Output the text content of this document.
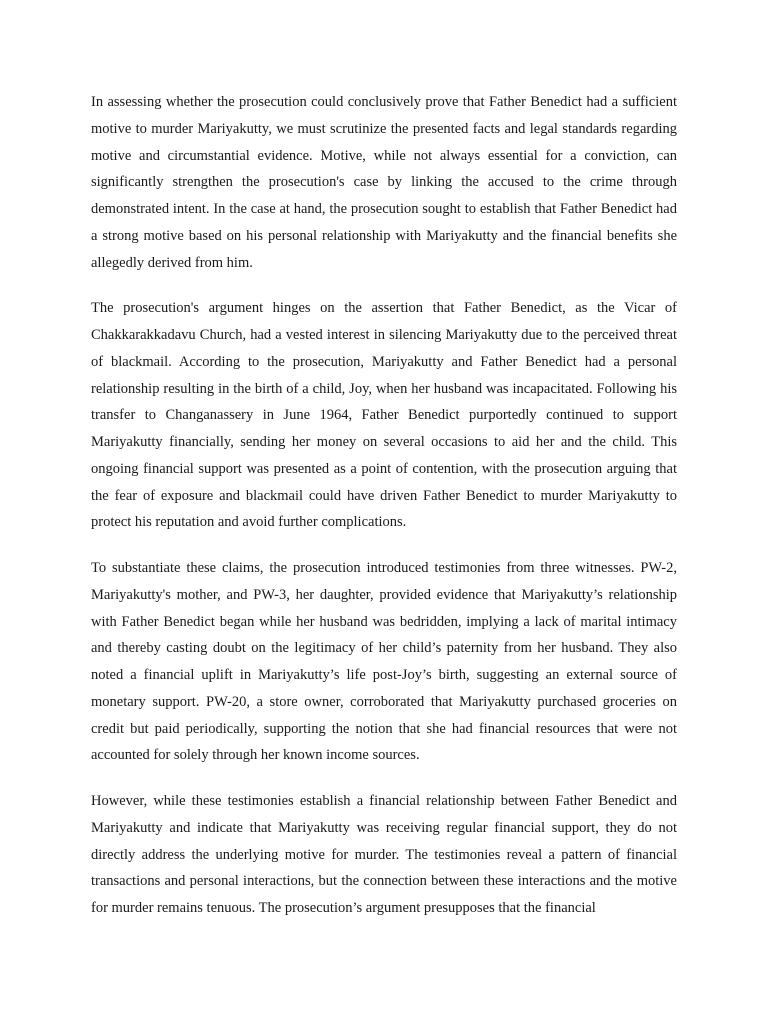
In assessing whether the prosecution could conclusively prove that Father Benedict had a sufficient motive to murder Mariyakutty, we must scrutinize the presented facts and legal standards regarding motive and circumstantial evidence. Motive, while not always essential for a conviction, can significantly strengthen the prosecution's case by linking the accused to the crime through demonstrated intent. In the case at hand, the prosecution sought to establish that Father Benedict had a strong motive based on his personal relationship with Mariyakutty and the financial benefits she allegedly derived from him.

The prosecution's argument hinges on the assertion that Father Benedict, as the Vicar of Chakkarakkadavu Church, had a vested interest in silencing Mariyakutty due to the perceived threat of blackmail. According to the prosecution, Mariyakutty and Father Benedict had a personal relationship resulting in the birth of a child, Joy, when her husband was incapacitated. Following his transfer to Changanassery in June 1964, Father Benedict purportedly continued to support Mariyakutty financially, sending her money on several occasions to aid her and the child. This ongoing financial support was presented as a point of contention, with the prosecution arguing that the fear of exposure and blackmail could have driven Father Benedict to murder Mariyakutty to protect his reputation and avoid further complications.

To substantiate these claims, the prosecution introduced testimonies from three witnesses. PW-2, Mariyakutty's mother, and PW-3, her daughter, provided evidence that Mariyakutty’s relationship with Father Benedict began while her husband was bedridden, implying a lack of marital intimacy and thereby casting doubt on the legitimacy of her child’s paternity from her husband. They also noted a financial uplift in Mariyakutty’s life post-Joy’s birth, suggesting an external source of monetary support. PW-20, a store owner, corroborated that Mariyakutty purchased groceries on credit but paid periodically, supporting the notion that she had financial resources that were not accounted for solely through her known income sources.

However, while these testimonies establish a financial relationship between Father Benedict and Mariyakutty and indicate that Mariyakutty was receiving regular financial support, they do not directly address the underlying motive for murder. The testimonies reveal a pattern of financial transactions and personal interactions, but the connection between these interactions and the motive for murder remains tenuous. The prosecution’s argument presupposes that the financial
